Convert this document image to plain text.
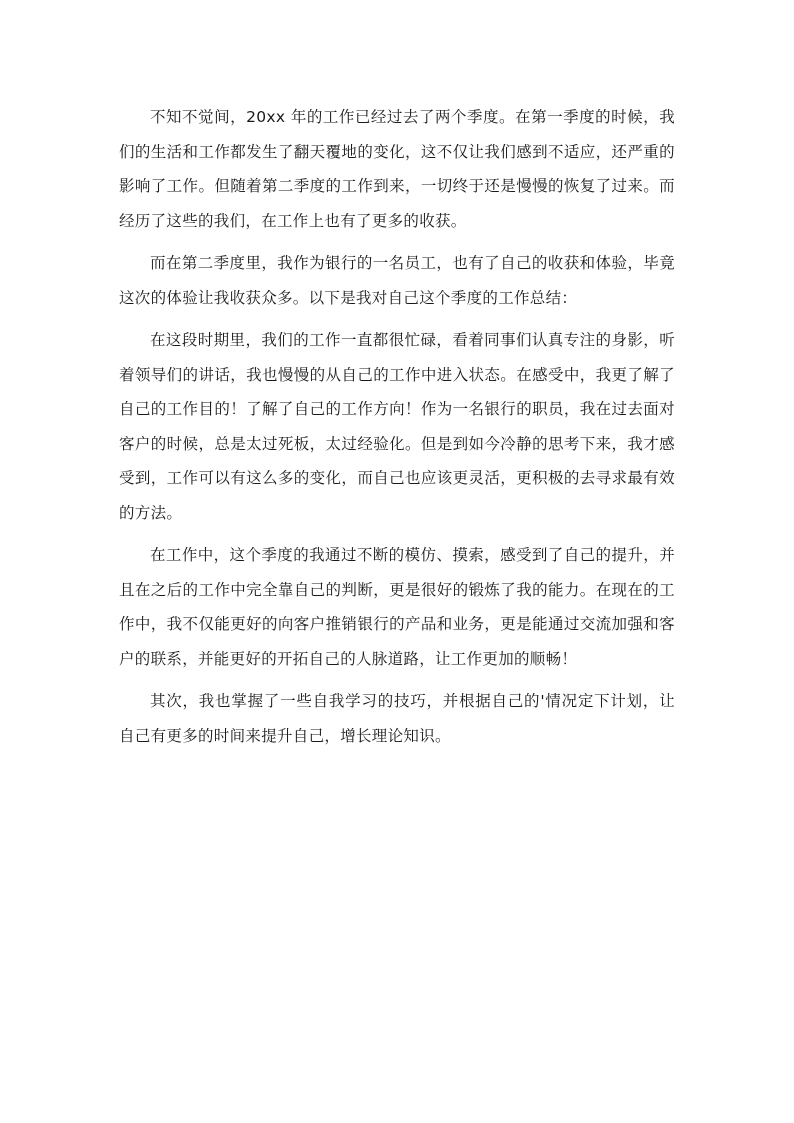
不知不觉间，20xx 年的工作已经过去了两个季度。在第一季度的时候，我们的生活和工作都发生了翻天覆地的变化，这不仅让我们感到不适应，还严重的影响了工作。但随着第二季度的工作到来，一切终于还是慢慢的恢复了过来。而经历了这些的我们，在工作上也有了更多的收获。

而在第二季度里，我作为银行的一名员工，也有了自己的收获和体验，毕竟这次的体验让我收获众多。以下是我对自己这个季度的工作总结：

在这段时期里，我们的工作一直都很忙碌，看着同事们认真专注的身影，听着领导们的讲话，我也慢慢的从自己的工作中进入状态。在感受中，我更了解了自己的工作目的！了解了自己的工作方向！作为一名银行的职员，我在过去面对客户的时候，总是太过死板，太过经验化。但是到如今冷静的思考下来，我才感受到，工作可以有这么多的变化，而自己也应该更灵活，更积极的去寻求最有效的方法。

在工作中，这个季度的我通过不断的模仿、摸索，感受到了自己的提升，并且在之后的工作中完全靠自己的判断，更是很好的锻炼了我的能力。在现在的工作中，我不仅能更好的向客户推销银行的产品和业务，更是能通过交流加强和客户的联系，并能更好的开拓自己的人脉道路，让工作更加的顺畅！

其次，我也掌握了一些自我学习的技巧，并根据自己的'情况定下计划，让自己有更多的时间来提升自己，增长理论知识。
